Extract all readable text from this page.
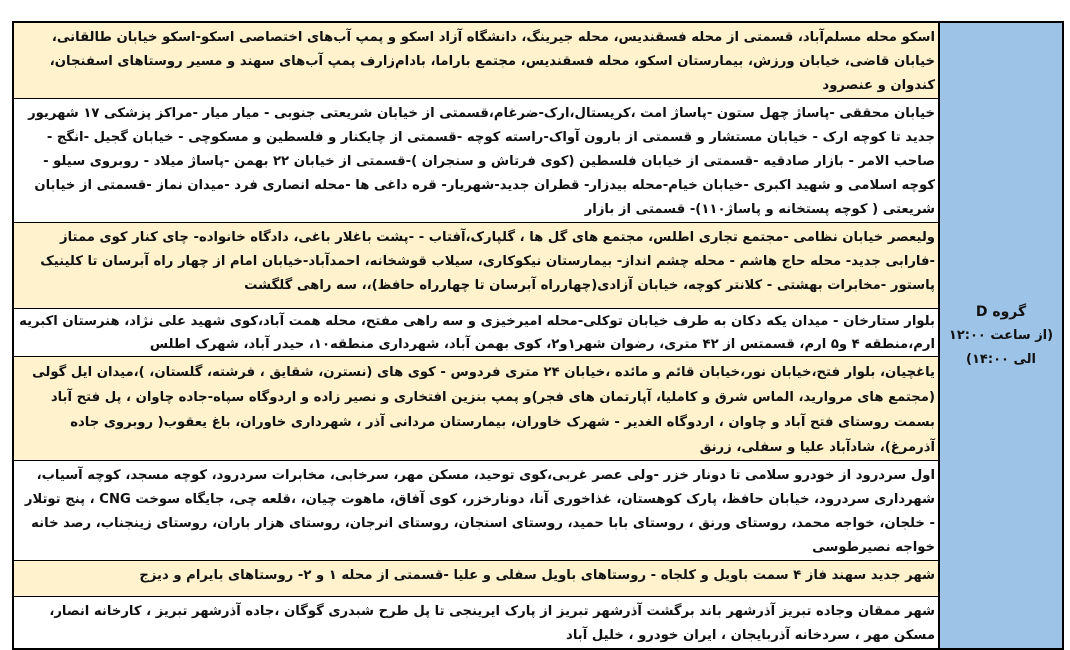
گروه D
(از ساعت ۱۲:۰۰
الی ۱۴:۰۰)

اسکو محله مسلم‌آباد، قسمتی از محله فسقندیس، محله جیرینگ، دانشگاه آزاد اسکو و پمپ آب‌های اختصاصی اسکو-اسکو خیابان طالقانی، خیابان قاضی، خیابان ورزش، بیمارستان اسکو، محله فسقندیس، مجتمع باراما، بادام‌زارف پمپ آب‌های سهند و مسیر روستاهای اسفنجان، کندوان و عنصرود

خیابان محققی -پاساژ چهل ستون -پاساژ امت ،کریستال،ارک-ضرغام،قسمتی از خیابان شریعتی جنوبی - میار میار -مراکز پزشکی ۱۷ شهریور جدید تا کوچه ارک - خیابان مستشار و قسمتی از بارون آواک-راسته کوچه -قسمتی از چایکنار و فلسطین و مسکوچی - خیابان گجیل -انگج - صاحب الامر - بازار صادقیه -قسمتی از خیابان فلسطین (کوی فرتاش و سنجران )-قسمتی از خیابان ۲۲ بهمن -پاساژ میلاد - روبروی سیلو - کوچه اسلامی و شهید اکبری -خیابان خیام-محله بیدزار- قطران جدید-شهریار- قره داغی ها -محله انصاری فرد -میدان نماز -قسمتی از خیابان شریعتی ( کوچه پستخانه و پاساژ۱۱۰)- قسمتی از بازار

ولیعصر خیابان نظامی -مجتمع تجاری اطلس، مجتمع های گل ها ، گلپارک،آفتاب - -پشت باغلار باغی، دادگاه خانواده- چای کنار کوی ممتاز -فارابی جدید- محله حاج هاشم - محله چشم انداز- بیمارستان نیکوکاری، سیلاب قوشخانه، احمدآباد-خیابان امام از چهار راه آبرسان تا کلینیک پاستور -مخابرات بهشتی - کلانتر کوچه، خیابان آزادی(چهارراه آبرسان تا چهارراه حافظ)،، سه راهی گلگشت

بلوار ستارخان - میدان یکه دکان به طرف خیابان توکلی-محله امیرخیزی و سه راهی مفتح، محله همت آباد،کوی شهید علی نژاد، هنرستان اکبریه ارم،منطقه ۴ و۵ ارم، قسمتس از ۴۲ متری، رضوان شهر۱و۲، کوی بهمن آباد، شهرداری منطقه۱۰، حیدر آباد، شهرک اطلس

یاغچیان، بلوار فتح،خیابان نور،خیابان قائم و مائده ،خیابان ۲۴ متری فردوس - کوی های (نسترن، شقایق ، فرشته، گلستان، )،میدان ایل گولی (مجتمع های مروارید، الماس شرق و کاملیا، آپارتمان های فجر)و پمپ بنزین افتخاری و نصیر زاده و اردوگاه سپاه-جاده چاوان ، پل فتح آباد بسمت روستای فتح آباد و چاوان ، اردوگاه الغدیر - شهرک خاوران، بیمارستان مردانی آذر ، شهرداری خاوران، باغ یعقوب( روبروی جاده آذرمرغ)، شادآباد علیا و سفلی، زرنق

اول سردرود از خودرو سلامی تا دونار خزر -ولی عصر غربی،کوی توحید، مسکن مهر، سرخابی، مخابرات سردرود، کوچه مسجد، کوچه آسیاب، شهرداری سردرود، خیابان حافظ، پارک کوهستان، غذاخوری آنا، دونارخزر، کوی آفاق، ماهوت چیان، ،قلعه چی، جایگاه سوخت CNG ، پنج توتلار - خلجان، خواجه محمد، روستای ورنق ، روستای بابا حمید، روستای اسنجان، روستای انرجان، روستای هزار باران، روستای زینجناب، رصد خانه خواجه نصیرطوسی

شهر جدید سهند فاز ۴ سمت باویل و کلجاه - روستاهای باویل سفلی و علیا -قسمتی از محله ۱ و ۲- روستاهای بایرام و دیزج

شهر ممقان وجاده تبریز آذرشهر باند برگشت آذرشهر تبریز از پارک ایرینجی تا پل طرح شبدری گوگان ،جاده آذرشهر تبریز ، کارخانه انصار، مسکن مهر ، سردخانه آذربایجان ، ایران خودرو ، خلیل آباد
